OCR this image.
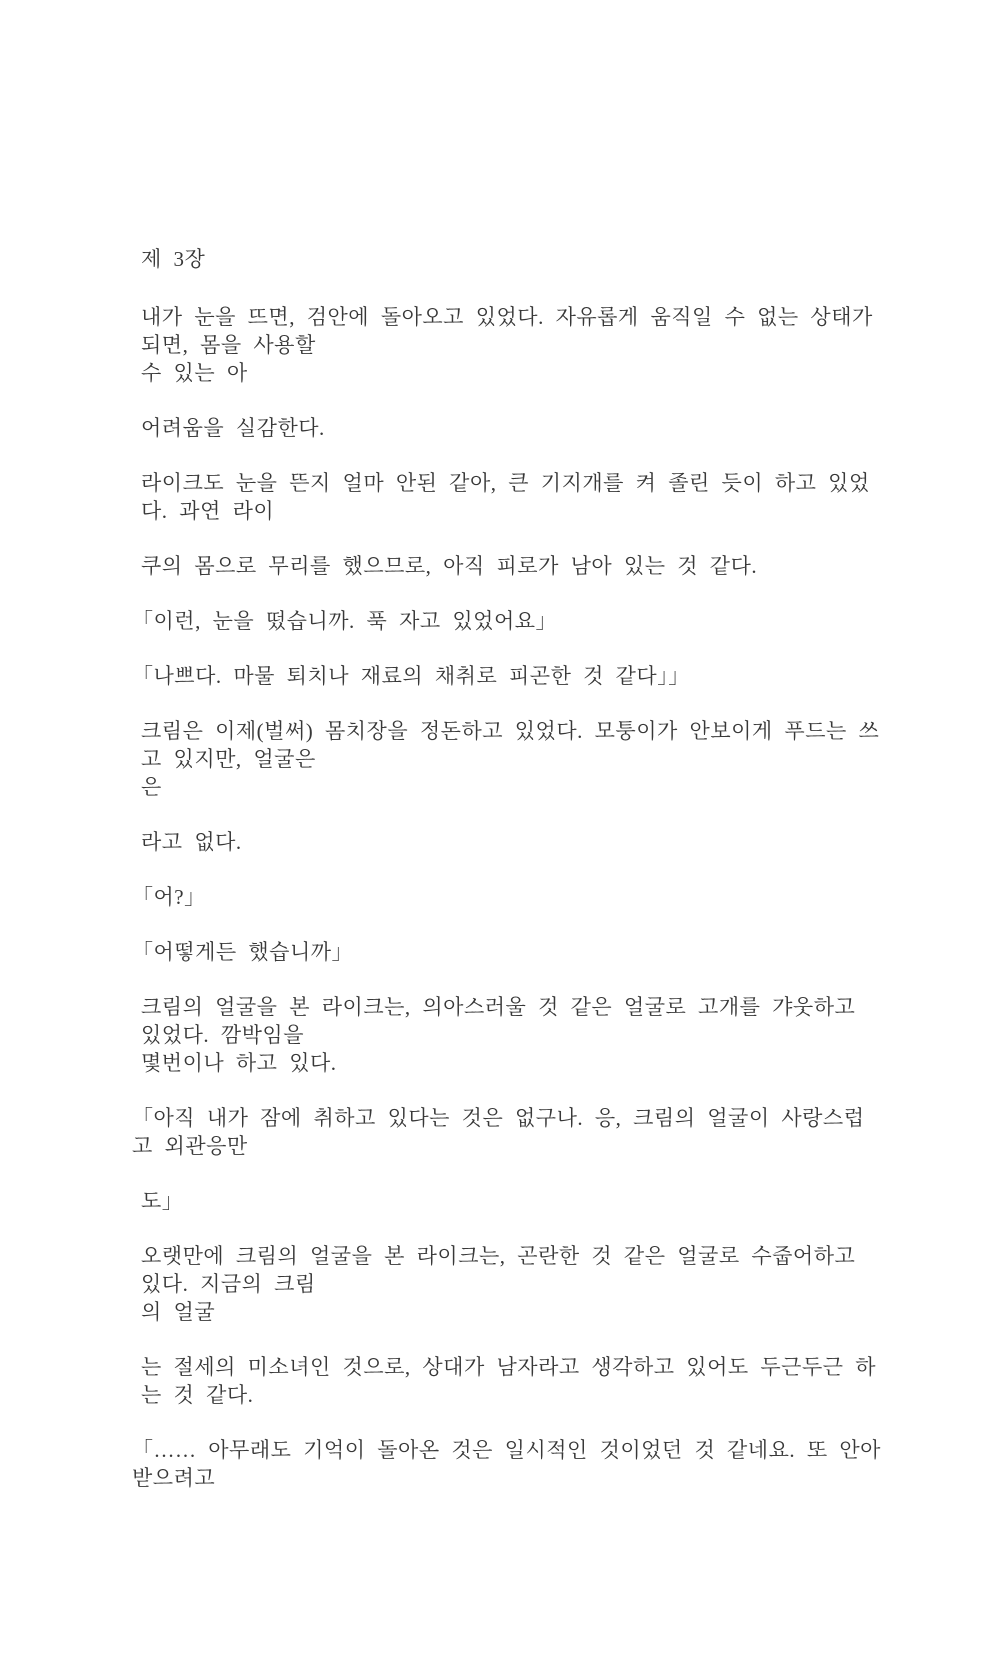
제 3장
내가 눈을 뜨면, 검안에 돌아오고 있었다. 자유롭게 움직일 수 없는 상태가 되면, 몸을 사용할
수 있는 아
어려움을 실감한다.
라이크도 눈을 뜬지 얼마 안된 같아, 큰 기지개를 켜 졸린 듯이 하고 있었다. 과연 라이
쿠의 몸으로 무리를 했으므로, 아직 피로가 남아 있는 것 같다.
「이런, 눈을 떴습니까. 푹 자고 있었어요」
「나쁘다. 마물 퇴치나 재료의 채취로 피곤한 것 같다」」
크림은 이제(벌써) 몸치장을 정돈하고 있었다. 모퉁이가 안보이게 푸드는 쓰고 있지만, 얼굴은
은
라고 없다.
「어?」
「어떻게든 했습니까」
크림의 얼굴을 본 라이크는, 의아스러울 것 같은 얼굴로 고개를 갸웃하고 있었다. 깜박임을
몇번이나 하고 있다.
「아직 내가 잠에 취하고 있다는 것은 없구나. 응, 크림의 얼굴이 사랑스럽고 외관응만
도」
오랫만에 크림의 얼굴을 본 라이크는, 곤란한 것 같은 얼굴로 수줍어하고 있다. 지금의 크림
의 얼굴
는 절세의 미소녀인 것으로, 상대가 남자라고 생각하고 있어도 두근두근 하는 것 같다.
「…… 아무래도 기억이 돌아온 것은 일시적인 것이었던 것 같네요. 또 안아 받으려고
